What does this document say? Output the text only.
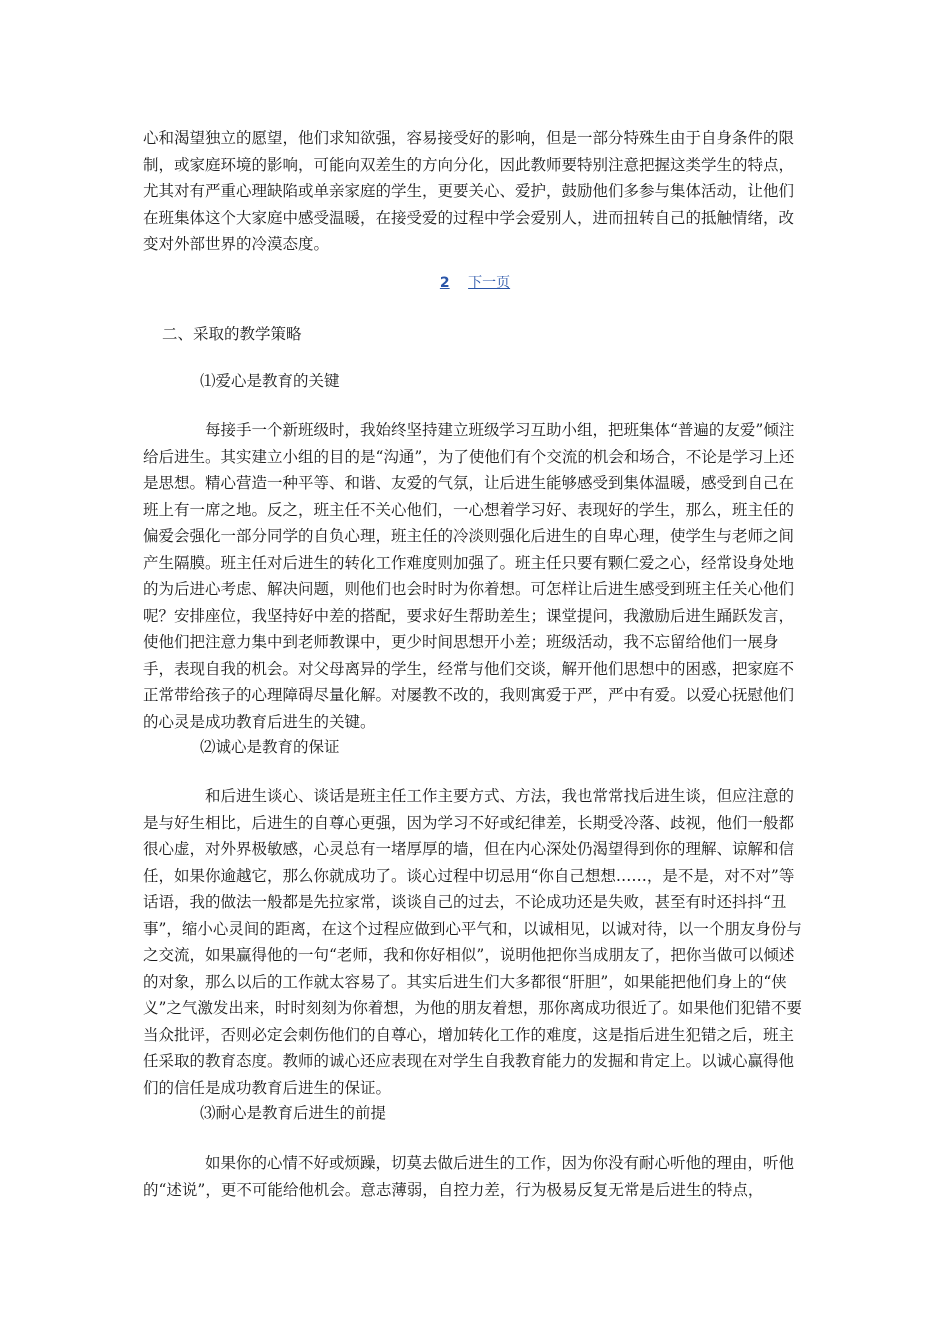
心和渴望独立的愿望，他们求知欲强，容易接受好的影响，但是一部分特殊生由于自身条件的限制，或家庭环境的影响，可能向双差生的方向分化，因此教师要特别注意把握这类学生的特点，尤其对有严重心理缺陷或单亲家庭的学生，更要关心、爱护，鼓励他们多参与集体活动，让他们在班集体这个大家庭中感受温暖，在接受爱的过程中学会爱别人，进而扭转自己的抵触情绪，改变对外部世界的冷漠态度。

2 下一页

二、采取的教学策略

⑴爱心是教育的关键

每接手一个新班级时，我始终坚持建立班级学习互助小组，把班集体“普遍的友爱”倾注给后进生。其实建立小组的目的是“沟通”，为了使他们有个交流的机会和场合，不论是学习上还是思想。精心营造一种平等、和谐、友爱的气氛，让后进生能够感受到集体温暖，感受到自己在班上有一席之地。反之，班主任不关心他们，一心想着学习好、表现好的学生，那么，班主任的偏爱会强化一部分同学的自负心理，班主任的冷淡则强化后进生的自卑心理，使学生与老师之间产生隔膜。班主任对后进生的转化工作难度则加强了。班主任只要有颗仁爱之心，经常设身处地的为后进心考虑、解决问题，则他们也会时时为你着想。可怎样让后进生感受到班主任关心他们呢？安排座位，我坚持好中差的搭配，要求好生帮助差生；课堂提问，我激励后进生踊跃发言，使他们把注意力集中到老师教课中，更少时间思想开小差；班级活动，我不忘留给他们一展身手，表现自我的机会。对父母离异的学生，经常与他们交谈，解开他们思想中的困惑，把家庭不正常带给孩子的心理障碍尽量化解。对屡教不改的，我则寓爱于严，严中有爱。以爱心抚慰他们的心灵是成功教育后进生的关键。

⑵诚心是教育的保证

和后进生谈心、谈话是班主任工作主要方式、方法，我也常常找后进生谈，但应注意的是与好生相比，后进生的自尊心更强，因为学习不好或纪律差，长期受冷落、歧视，他们一般都很心虚，对外界极敏感，心灵总有一堵厚厚的墙，但在内心深处仍渴望得到你的理解、谅解和信任，如果你逾越它，那么你就成功了。谈心过程中切忌用“你自己想想……，是不是，对不对”等话语，我的做法一般都是先拉家常，谈谈自己的过去，不论成功还是失败，甚至有时还抖抖“丑事”，缩小心灵间的距离，在这个过程应做到心平气和，以诚相见，以诚对待，以一个朋友身份与之交流，如果赢得他的一句“老师，我和你好相似”，说明他把你当成朋友了，把你当做可以倾述的对象，那么以后的工作就太容易了。其实后进生们大多都很“肝胆”，如果能把他们身上的“侠义”之气激发出来，时时刻刻为你着想，为他的朋友着想，那你离成功很近了。如果他们犯错不要当众批评，否则必定会刺伤他们的自尊心，增加转化工作的难度，这是指后进生犯错之后，班主任采取的教育态度。教师的诚心还应表现在对学生自我教育能力的发掘和肯定上。以诚心赢得他们的信任是成功教育后进生的保证。

⑶耐心是教育后进生的前提

如果你的心情不好或烦躁，切莫去做后进生的工作，因为你没有耐心听他的理由，听他的“述说”，更不可能给他机会。意志薄弱，自控力差，行为极易反复无常是后进生的特点，
